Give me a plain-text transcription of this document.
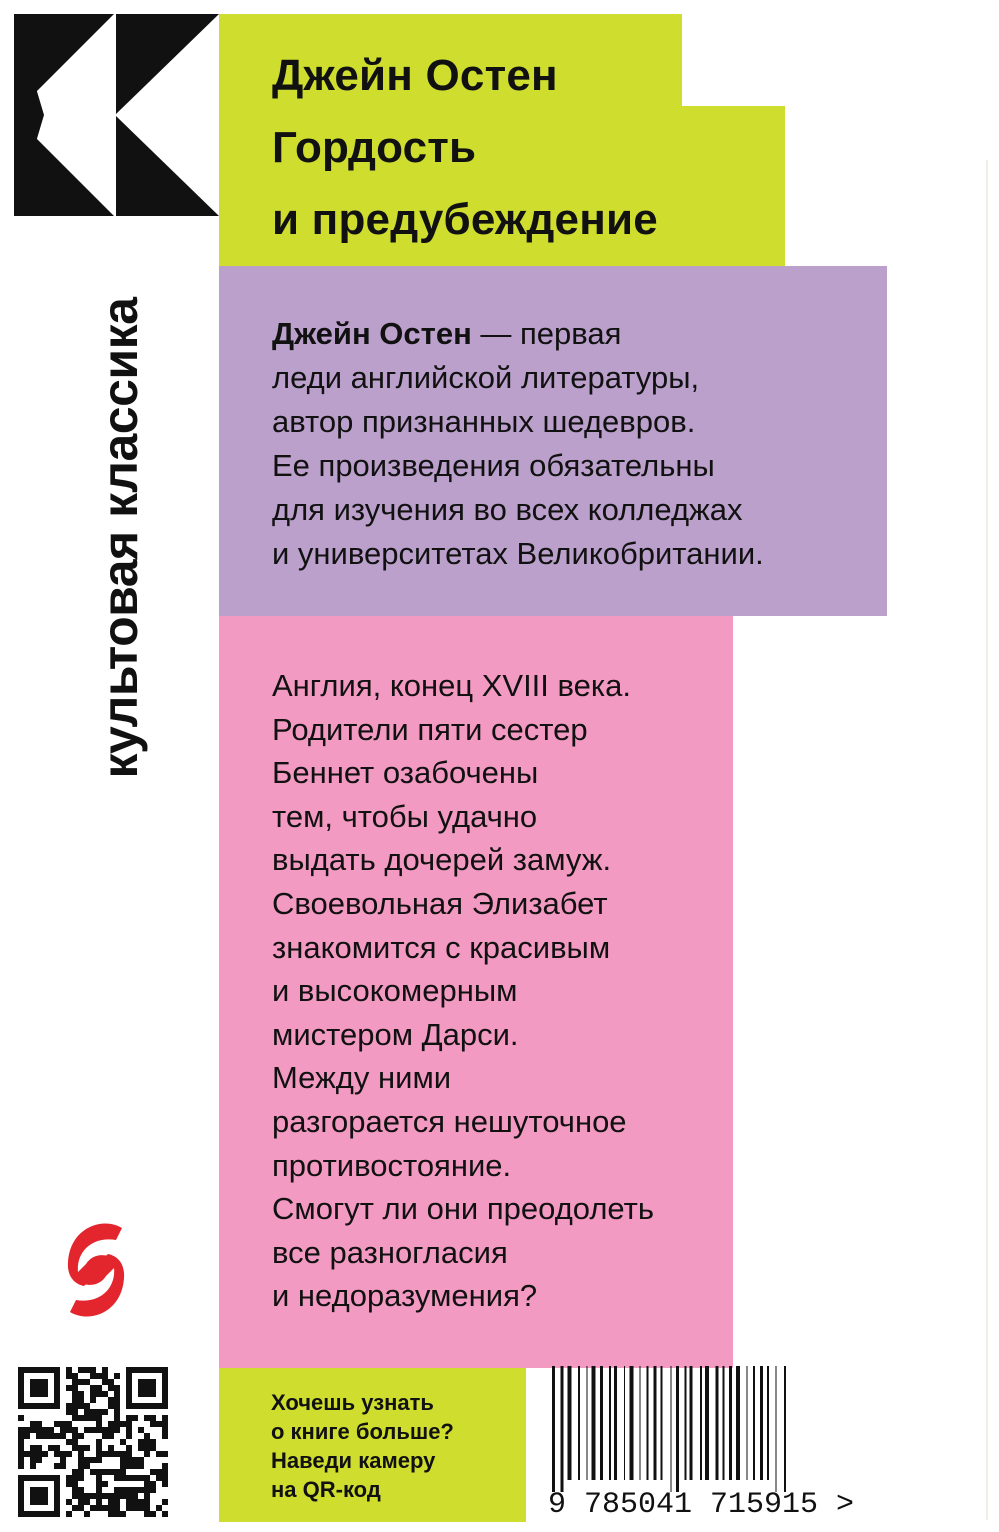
культовая классика
Джейн Остен
Гордость
и предубеждение
Джейн Остен — первая
леди английской литературы,
автор признанных шедевров.
Ее произведения обязательны
для изучения во всех колледжах
и университетах Великобритании.
Англия, конец XVIII века.
Родители пяти сестер
Беннет озабочены
тем, чтобы удачно
выдать дочерей замуж.
Своевольная Элизабет
знакомится с красивым
и высокомерным
мистером Дарси.
Между ними
разгорается нешуточное
противостояние.
Смогут ли они преодолеть
все разногласия
и недоразумения?
Хочешь узнать
о книге больше?
Наведи камеру
на QR-код	9 785041 715915 >
